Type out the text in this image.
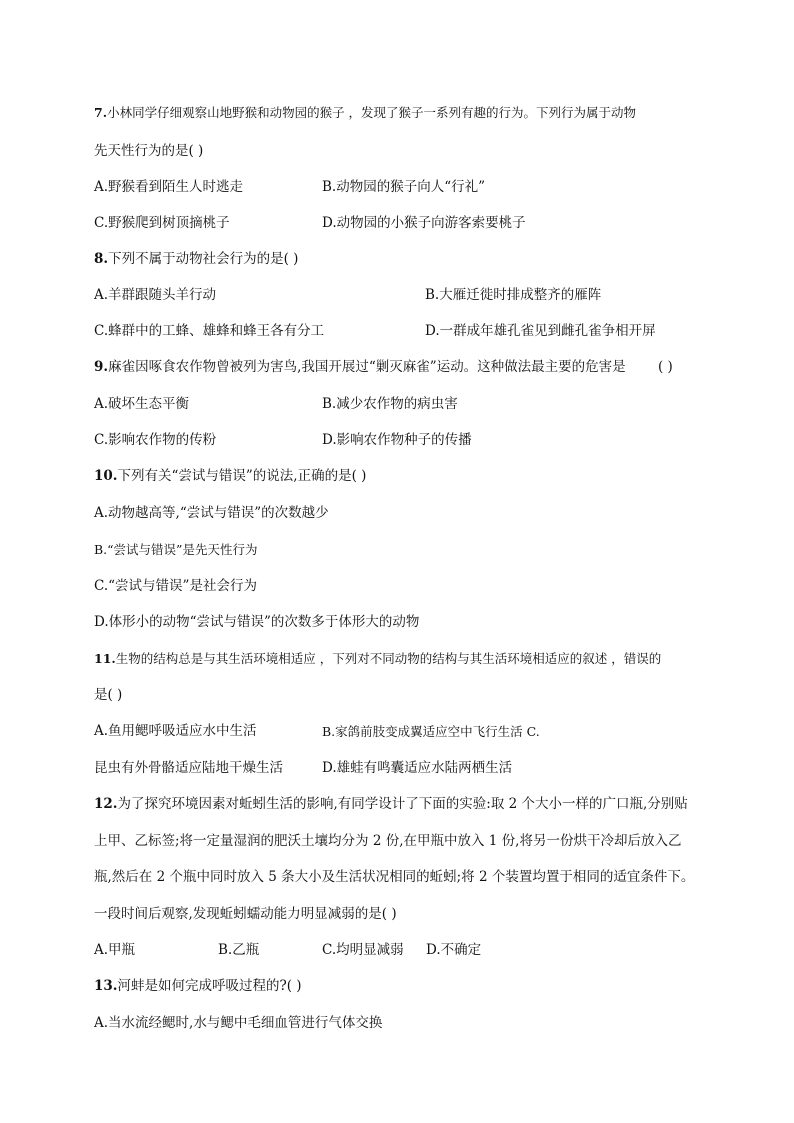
7.小林同学仔细观察山地野猴和动物园的猴子 ，发现了猴子一系列有趣的行为。下列行为属于动物
先天性行为的是( )
A.野猴看到陌生人时逃走	B.动物园的猴子向人“行礼”
C.野猴爬到树顶摘桃子	D.动物园的小猴子向游客索要桃子
8.下列不属于动物社会行为的是( )
A.羊群跟随头羊行动	B.大雁迁徙时排成整齐的雁阵
C.蜂群中的工蜂、雄蜂和蜂王各有分工	D.一群成年雄孔雀见到雌孔雀争相开屏
9.麻雀因啄食农作物曾被列为害鸟,我国开展过“剿灭麻雀”运动。这种做法最主要的危害是 ( )
A.破坏生态平衡	B.减少农作物的病虫害
C.影响农作物的传粉	D.影响农作物种子的传播
10.下列有关“尝试与错误”的说法,正确的是( )
A.动物越高等,“尝试与错误”的次数越少
B.“尝试与错误”是先天性行为
C.“尝试与错误”是社会行为
D.体形小的动物“尝试与错误”的次数多于体形大的动物
11.生物的结构总是与其生活环境相适应 ，下列对不同动物的结构与其生活环境相适应的叙述 ，错误的
是( )
A.鱼用鳃呼吸适应水中生活	B.家鸽前肢变成翼适应空中飞行生活 C.
昆虫有外骨骼适应陆地干燥生活	D.雄蛙有鸣囊适应水陆两栖生活
12.为了探究环境因素对蚯蚓生活的影响,有同学设计了下面的实验:取 2 个大小一样的广口瓶,分别贴
上甲、乙标签;将一定量湿润的肥沃土壤均分为 2 份,在甲瓶中放入 1 份,将另一份烘干冷却后放入乙
瓶,然后在 2 个瓶中同时放入 5 条大小及生活状况相同的蚯蚓;将 2 个装置均置于相同的适宜条件下。
一段时间后观察,发现蚯蚓蠕动能力明显减弱的是( )
A.甲瓶	B.乙瓶	C.均明显减弱 D.不确定
13.河蚌是如何完成呼吸过程的?( )
A.当水流经鳃时,水与鳃中毛细血管进行气体交换
